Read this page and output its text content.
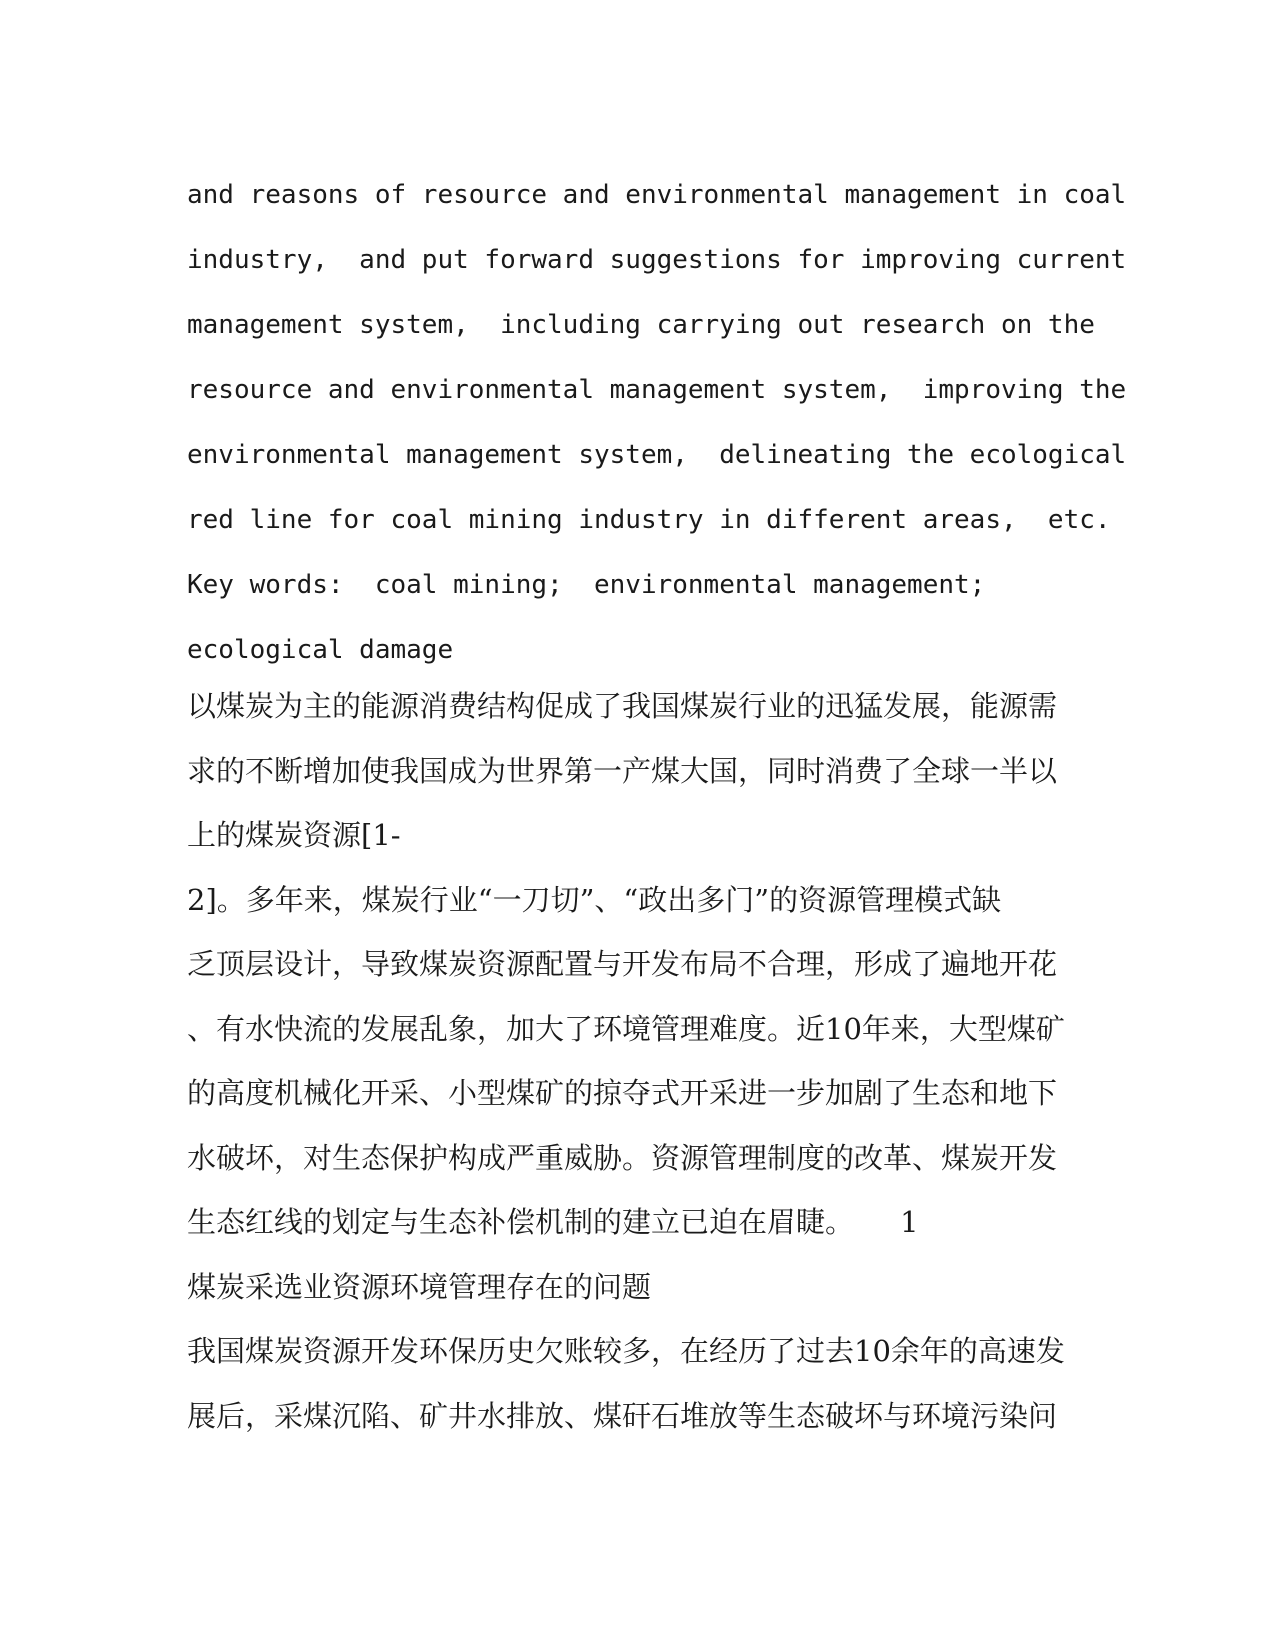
and reasons of resource and environmental management in coal
industry,  and put forward suggestions for improving current
management system,  including carrying out research on the
resource and environmental management system,  improving the
environmental management system,  delineating the ecological
red line for coal mining industry in different areas,  etc.
Key words:  coal mining;  environmental management;
ecological damage
以煤炭为主的能源消费结构促成了我国煤炭行业的迅猛发展，能源需
求的不断增加使我国成为世界第一产煤大国，同时消费了全球一半以
上的煤炭资源[1-
2]。多年来，煤炭行业“一刀切”、“政出多门”的资源管理模式缺
乏顶层设计，导致煤炭资源配置与开发布局不合理，形成了遍地开花
、有水快流的发展乱象，加大了环境管理难度。近10年来，大型煤矿
的高度机械化开采、小型煤矿的掠夺式开采进一步加剧了生态和地下
水破坏，对生态保护构成严重威胁。资源管理制度的改革、煤炭开发
生态红线的划定与生态补偿机制的建立已迫在眉睫。     1
煤炭采选业资源环境管理存在的问题
我国煤炭资源开发环保历史欠账较多，在经历了过去10余年的高速发
展后，采煤沉陷、矿井水排放、煤矸石堆放等生态破坏与环境污染问
